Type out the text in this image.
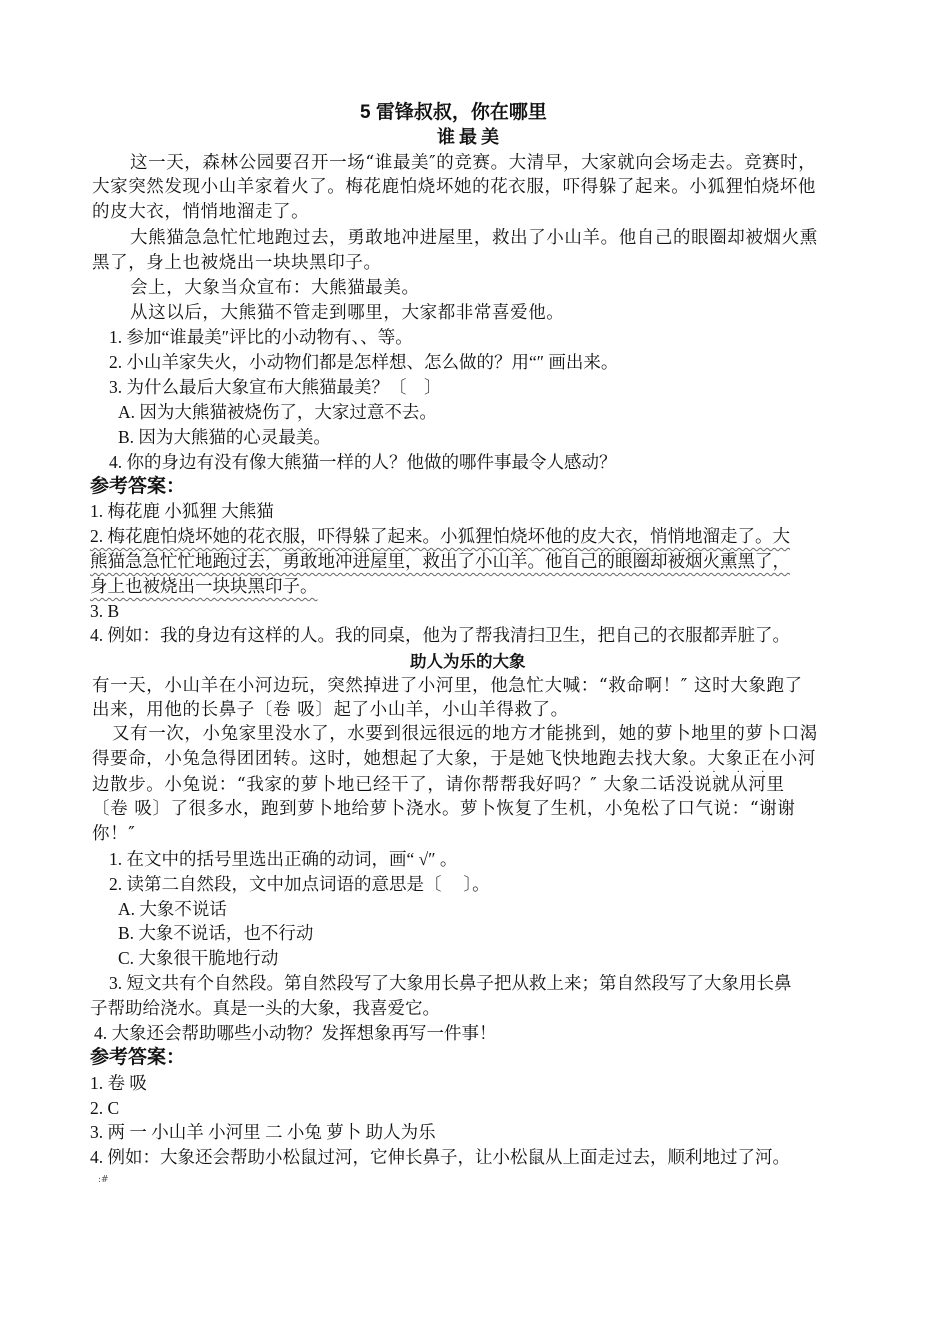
5 雷锋叔叔，你在哪里
谁最美
这一天，森林公园要召开一场“谁最美″的竞赛。大清早，大家就向会场走去。竞赛时，
大家突然发现小山羊家着火了。梅花鹿怕烧坏她的花衣服，吓得躲了起来。小狐狸怕烧坏他
的皮大衣，悄悄地溜走了。
大熊猫急急忙忙地跑过去，勇敢地冲进屋里，救出了小山羊。他自己的眼圈却被烟火熏
黑了，身上也被烧出一块块黑印子。
会上，大象当众宣布：大熊猫最美。
从这以后，大熊猫不管走到哪里，大家都非常喜爱他。
1. 参加“谁最美″评比的小动物有、、等。
2. 小山羊家失火，小动物们都是怎样想、怎么做的？用“″ 画出来。
3. 为什么最后大象宣布大熊猫最美？〔　〕
A. 因为大熊猫被烧伤了，大家过意不去。
B. 因为大熊猫的心灵最美。
4. 你的身边有没有像大熊猫一样的人？他做的哪件事最令人感动？
参考答案：
1. 梅花鹿 小狐狸 大熊猫
2. 梅花鹿怕烧坏她的花衣服，吓得躲了起来。小狐狸怕烧坏他的皮大衣，悄悄地溜走了。大
熊猫急急忙忙地跑过去，勇敢地冲进屋里，救出了小山羊。他自己的眼圈却被烟火熏黑了，
身上也被烧出一块块黑印子。
3. B
4. 例如：我的身边有这样的人。我的同桌，他为了帮我清扫卫生，把自己的衣服都弄脏了。
助人为乐的大象
有一天，小山羊在小河边玩，突然掉进了小河里，他急忙大喊：“救命啊！″ 这时大象跑了
出来，用他的长鼻子〔卷 吸〕起了小山羊，小山羊得救了。
又有一次，小兔家里没水了，水要到很远很远的地方才能挑到，她的萝卜地里的萝卜口渴
得要命，小兔急得团团转。这时，她想起了大象，于是她飞快地跑去找大象。大象正在小河
边散步。小兔说：“我家的萝卜地已经干了，请你帮帮我好吗？″ 大象二话没说就从河里
· · · ·
〔卷 吸〕了很多水，跑到萝卜地给萝卜浇水。萝卜恢复了生机，小兔松了口气说：“谢谢
你！″
1. 在文中的括号里选出正确的动词，画“ √″ 。
2. 读第二自然段，文中加点词语的意思是〔　 〕。
A. 大象不说话
B. 大象不说话，也不行动
C. 大象很干脆地行动
3. 短文共有个自然段。第自然段写了大象用长鼻子把从救上来；第自然段写了大象用长鼻
子帮助给浇水。真是一头的大象，我喜爱它。
4. 大象还会帮助哪些小动物？发挥想象再写一件事！
参考答案：
1. 卷 吸
2. C
3. 两 一 小山羊 小河里 二 小兔 萝卜 助人为乐
4. 例如：大象还会帮助小松鼠过河，它伸长鼻子，让小松鼠从上面走过去，顺利地过了河。
:#
